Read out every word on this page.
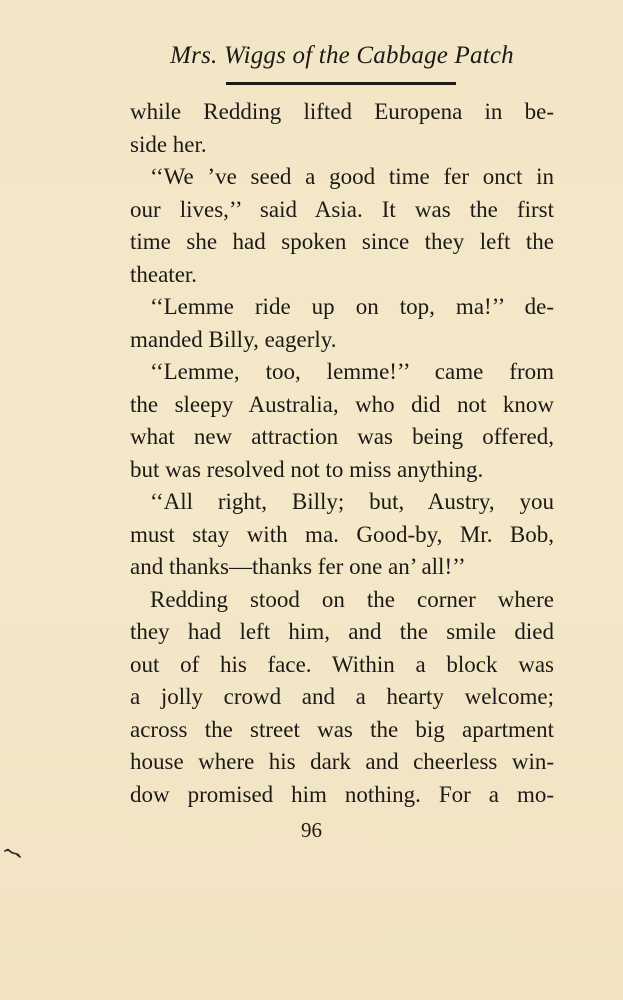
Mrs. Wiggs of the Cabbage Patch
while Redding lifted Europena in be-
side her.
‘‘We ’ve seed a good time fer onct in
our lives,’’ said Asia. It was the first
time she had spoken since they left the
theater.
‘‘Lemme ride up on top, ma!’’ de-
manded Billy, eagerly.
‘‘Lemme, too, lemme!’’ came from
the sleepy Australia, who did not know
what new attraction was being offered,
but was resolved not to miss anything.
‘‘All right, Billy; but, Austry, you
must stay with ma. Good-by, Mr. Bob,
and thanks—thanks fer one an’ all!’’
Redding stood on the corner where
they had left him, and the smile died
out of his face. Within a block was
a jolly crowd and a hearty welcome;
across the street was the big apartment
house where his dark and cheerless win-
dow promised him nothing. For a mo-
96
